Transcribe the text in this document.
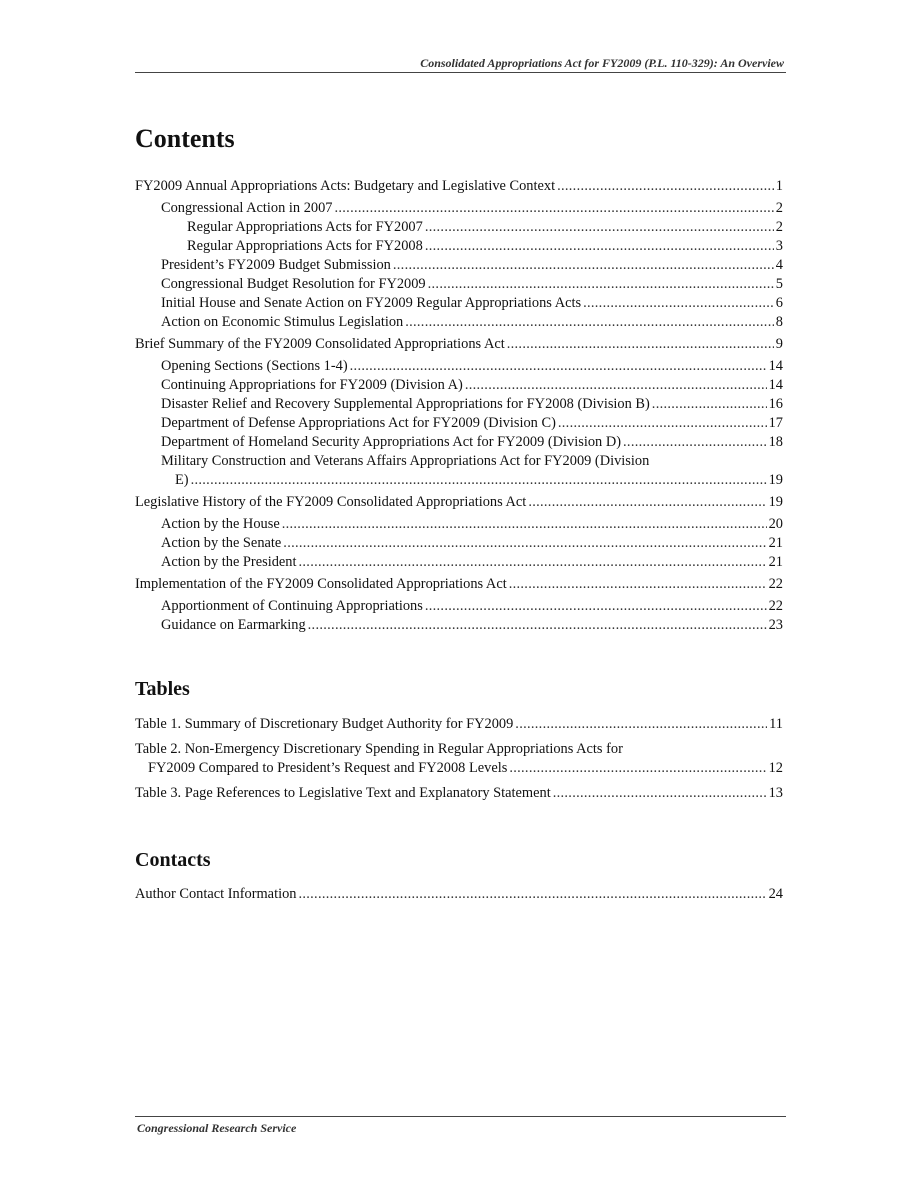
Consolidated Appropriations Act for FY2009 (P.L. 110-329): An Overview
Contents
FY2009 Annual Appropriations Acts: Budgetary and Legislative Context .....	1
Congressional Action in 2007 .....	2
Regular Appropriations Acts for FY2007 .....	2
Regular Appropriations Acts for FY2008 .....	3
President’s FY2009 Budget Submission .....	4
Congressional Budget Resolution for FY2009 .....	5
Initial House and Senate Action on FY2009 Regular Appropriations Acts .....	6
Action on Economic Stimulus Legislation .....	8
Brief Summary of the FY2009 Consolidated Appropriations Act .....	9
Opening Sections (Sections 1-4) .....	14
Continuing Appropriations for FY2009 (Division A) .....	14
Disaster Relief and Recovery Supplemental Appropriations for FY2008 (Division B) .....	16
Department of Defense Appropriations Act for FY2009 (Division C) .....	17
Department of Homeland Security Appropriations Act for FY2009 (Division D) .....	18
Military Construction and Veterans Affairs Appropriations Act for FY2009 (Division
E) .....	19
Legislative History of the FY2009 Consolidated Appropriations Act .....	19
Action by the House .....	20
Action by the Senate .....	21
Action by the President .....	21
Implementation of the FY2009 Consolidated Appropriations Act .....	22
Apportionment of Continuing Appropriations .....	22
Guidance on Earmarking .....	23
Tables
Table 1. Summary of Discretionary Budget Authority for FY2009 .....	11
Table 2. Non-Emergency Discretionary Spending in Regular Appropriations Acts for
FY2009 Compared to President’s Request and FY2008 Levels .....	12
Table 3. Page References to Legislative Text and Explanatory Statement .....	13
Contacts
Author Contact Information .....	24
Congressional Research Service
